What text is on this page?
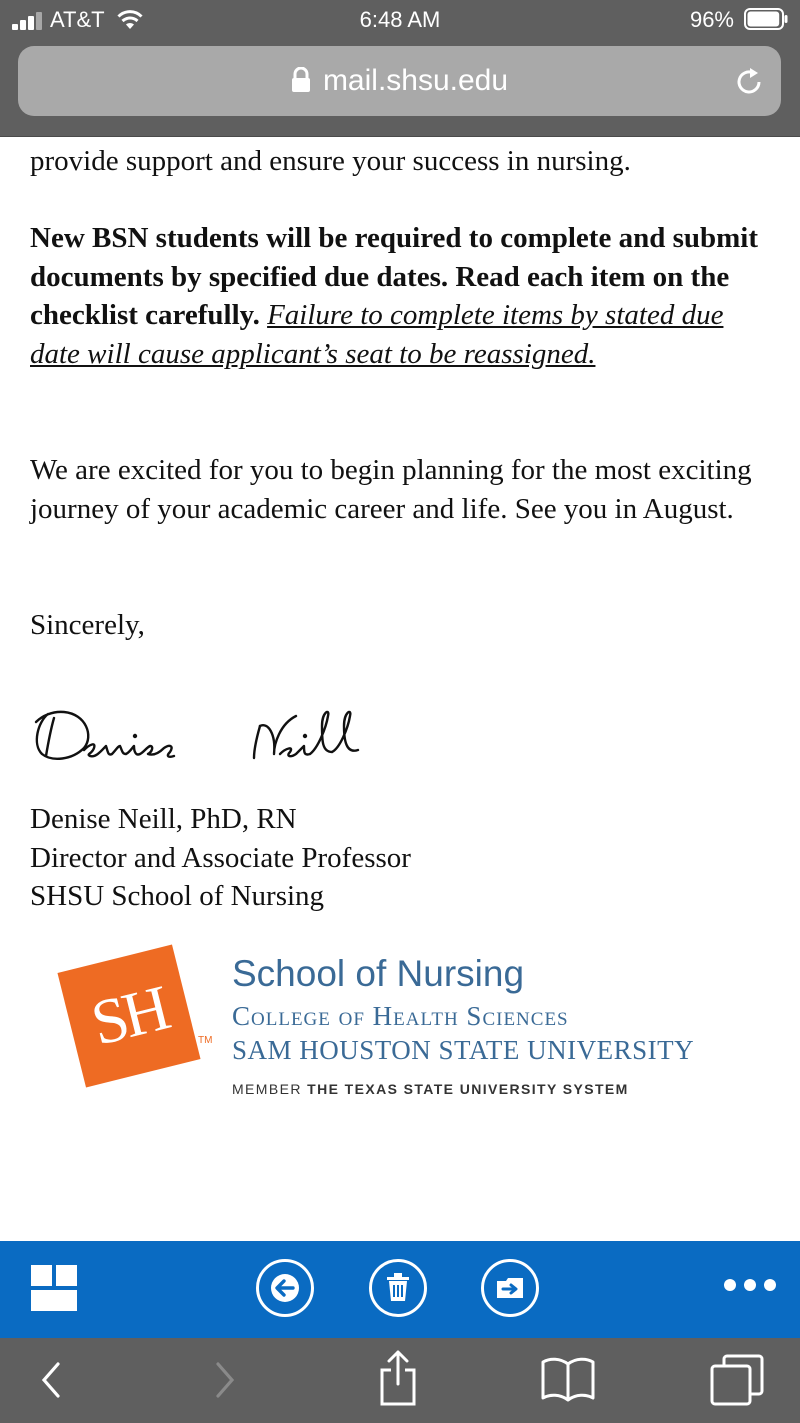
AT&T	6:48 AM	96%
mail.shsu.edu

provide support and ensure your success in nursing.

New BSN students will be required to complete and submit documents by specified due dates. Read each item on the checklist carefully. Failure to complete items by stated due date will cause applicant’s seat to be reassigned.

We are excited for you to begin planning for the most exciting journey of your academic career and life. See you in August.

Sincerely,

Denise Neill, PhD, RN

Director and Associate Professor

SHSU School of Nursing

SH	TM
School of Nursing
College of Health Sciences
SAM HOUSTON STATE UNIVERSITY
MEMBER THE TEXAS STATE UNIVERSITY SYSTEM
